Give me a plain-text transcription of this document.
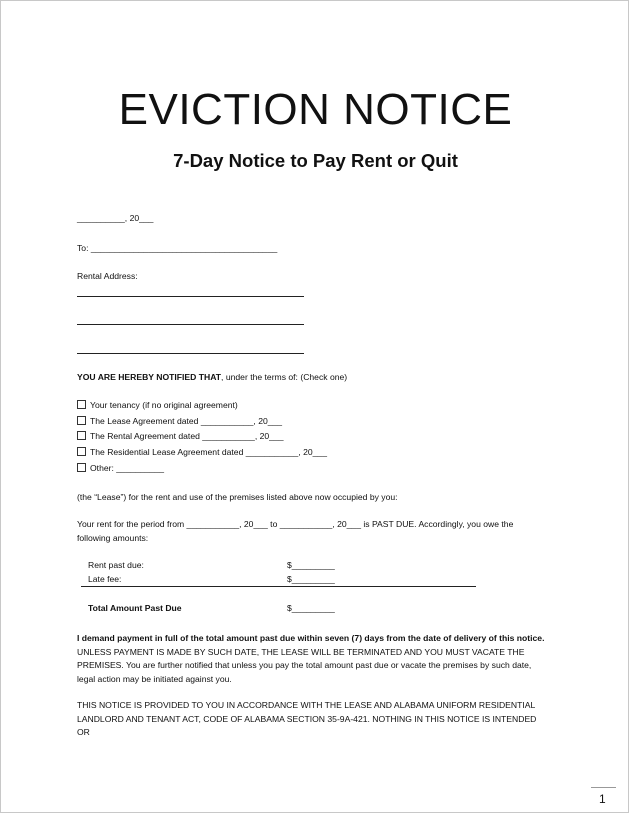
EVICTION NOTICE
7-Day Notice to Pay Rent or Quit
__________, 20___
To: _______________________________________
Rental Address:
YOU ARE HEREBY NOTIFIED THAT, under the terms of: (Check one)
Your tenancy (if no original agreement)
The Lease Agreement dated ___________, 20___
The Rental Agreement dated ___________, 20___
The Residential Lease Agreement dated ___________, 20___
Other: __________
(the “Lease”) for the rent and use of the premises listed above now occupied by you:
Your rent for the period from ___________, 20___ to ___________, 20___ is PAST DUE. Accordingly, you owe the following amounts:
Rent past due:	$_________
Late fee:	$_________
Total Amount Past Due	$_________
I demand payment in full of the total amount past due within seven (7) days from the date of delivery of this notice. UNLESS PAYMENT IS MADE BY SUCH DATE, THE LEASE WILL BE TERMINATED AND YOU MUST VACATE THE PREMISES. You are further notified that unless you pay the total amount past due or vacate the premises by such date, legal action may be initiated against you.
THIS NOTICE IS PROVIDED TO YOU IN ACCORDANCE WITH THE LEASE AND ALABAMA UNIFORM RESIDENTIAL LANDLORD AND TENANT ACT, CODE OF ALABAMA SECTION 35-9A-421. NOTHING IN THIS NOTICE IS INTENDED OR
1
